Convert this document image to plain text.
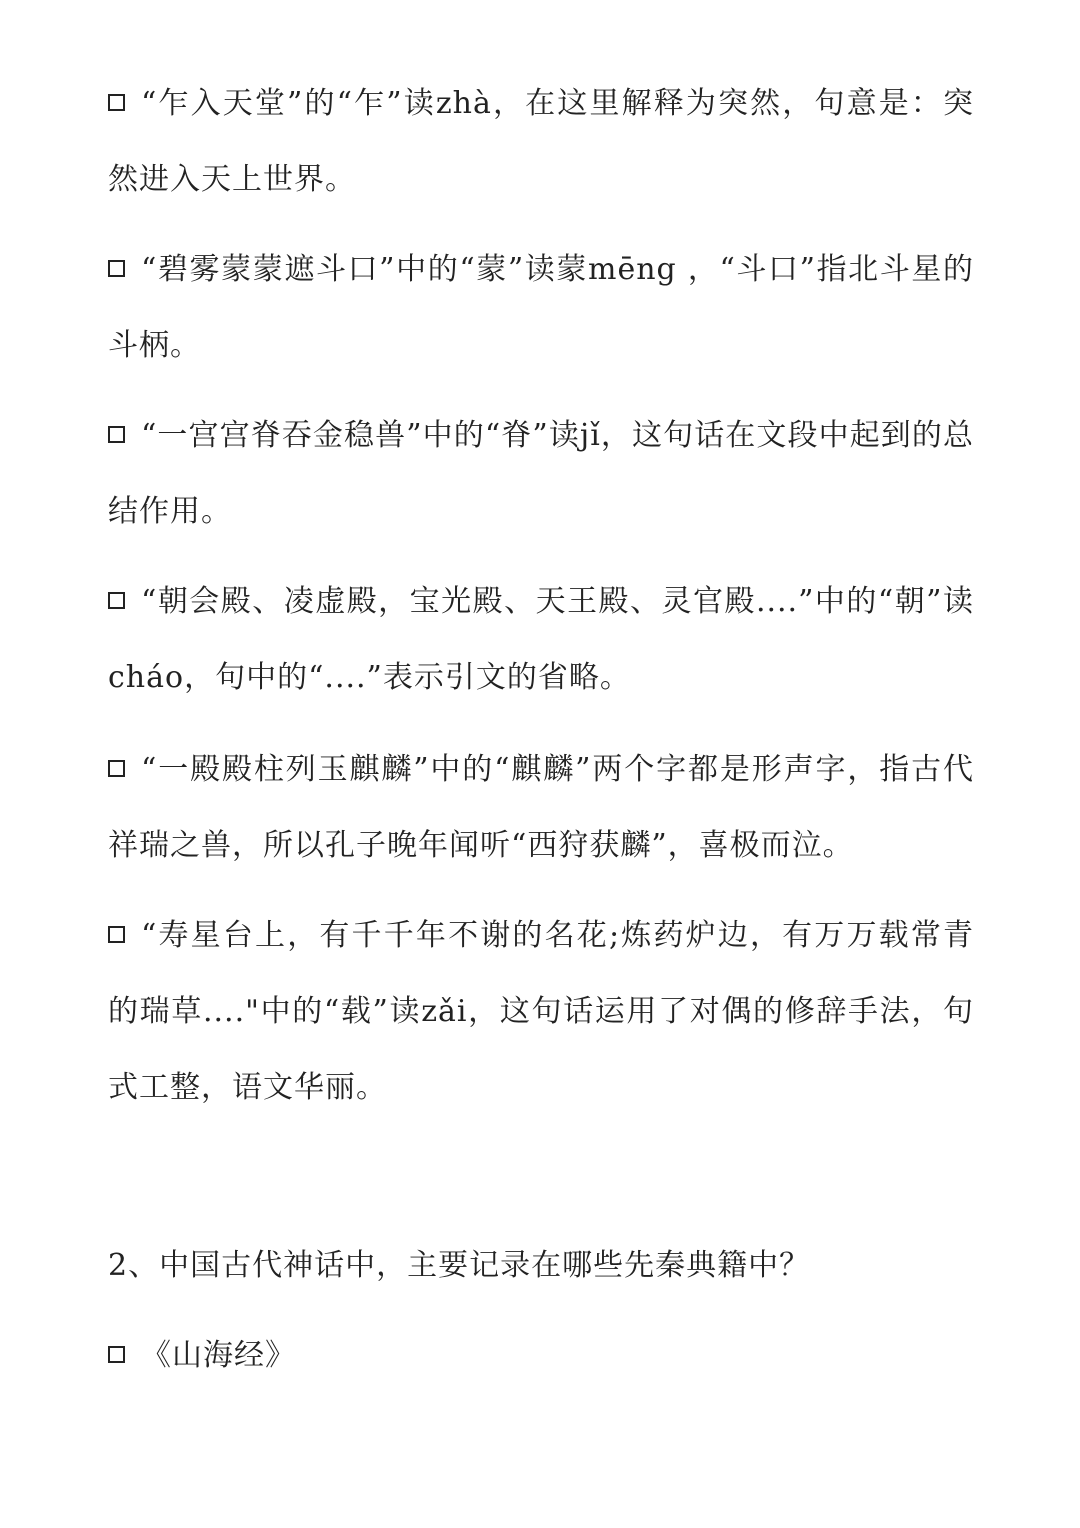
“乍入天堂”的“乍”读zhà，在这里解释为突然，句意是：突然进入天上世界。
“碧雾蒙蒙遮斗口”中的“蒙”读蒙mēng ，“斗口”指北斗星的斗柄。
“一宫宫脊吞金稳兽”中的“脊”读jǐ，这句话在文段中起到的总结作用。
“朝会殿、凌虚殿，宝光殿、天王殿、灵官殿....”中的“朝”读cháo，句中的“....”表示引文的省略。
“一殿殿柱列玉麒麟”中的“麒麟”两个字都是形声字，指古代祥瑞之兽，所以孔子晚年闻听“西狩获麟”，喜极而泣。
“寿星台上，有千千年不谢的名花;炼药炉边，有万万载常青的瑞草...."中的“载”读zǎi，这句话运用了对偶的修辞手法，句式工整，语文华丽。
2、中国古代神话中，主要记录在哪些先秦典籍中？
《山海经》
